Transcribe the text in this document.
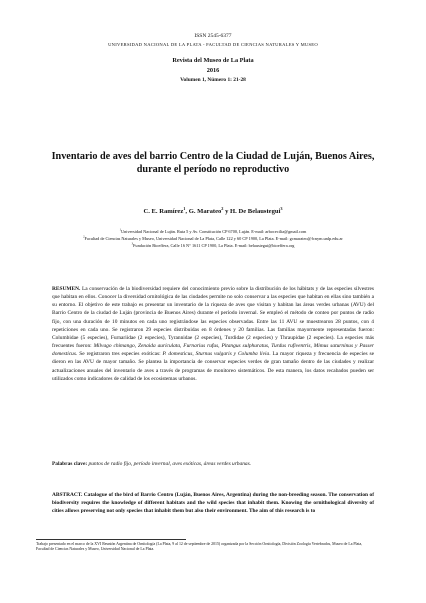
ISSN 2545-6377
UNIVERSIDAD NACIONAL DE LA PLATA - FACULTAD DE CIENCIAS NATURALES Y MUSEO
Revista del Museo de La Plata
2016
Volumen 1, Número 1: 21-28
Inventario de aves del barrio Centro de la Ciudad de Luján, Buenos Aires, durante el período no reproductivo
C. E. Ramírez$^1$, G. Marateo$^2$ y H. De Belaustegui$^3$
$^1$Universidad Nacional de Luján. Ruta 5 y Av. Constitución CP 6700, Luján. E-mail: arbocecilia@gmail.com
$^2$Facultad de Ciencias Naturales y Museo, Universidad Nacional de La Plata, Calle 122 y 60 CP 1900, La Plata. E-mail: gcmarateo@fcnym.unlp.edu.ar
$^3$Fundación Bioeffera, Calle 16 N° 1611 CP 1900, La Plata. E-mail: belaustegui@bioeffera.org
RESUMEN. La conservación de la biodiversidad requiere del conocimiento previo sobre la distribución de los hábitats y de las especies silvestres que habitan en ellos. Conocer la diversidad ornitológica de las ciudades permite no solo conservar a las especies que habitan en ellas sino también a su entorno. El objetivo de este trabajo es presentar un inventario de la riqueza de aves que visitan y habitan las áreas verdes urbanas (AVU) del Barrio Centro de la ciudad de Luján (provincia de Buenos Aires) durante el período invernal. Se empleó el método de conteo por puntos de radio fijo, con una duración de 10 minutos en cada uno registrándose las especies observadas. Entre las 11 AVU se muestrearon 28 puntos, con 4 repeticiones en cada uno. Se registraron 29 especies distribuidas en 8 órdenes y 20 familias. Las familias mayormente representadas fueron: Columbidae (5 especies), Furnariidae (2 especies), Tyrannidae (2 especies), Turdidae (2 especies) y Thraupidae (2 especies). La especies más frecuentes fueron: Milvago chimango, Zenaida auriculata, Furnarius rufus, Pitangus sulphuratus, Turdus rufiventris, Mimus saturninus y Passer domesticus. Se registraron tres especies exóticas: P. domesticus, Sturnus vulgaris y Columba livia. La mayor riqueza y frecuencia de especies se dieron en las AVU de mayor tamaño. Se plantea la importancia de conservar especies verdes de gran tamaño dentro de las ciudades y realizar actualizaciones anuales del inventario de aves a través de programas de monitoreo sistemáticos. De esta manera, los datos recabados pueden ser utilizados como indicadores de calidad de los ecosistemas urbanos.
Palabras clave: puntos de radio fijo, período invernal, aves exóticas, áreas verdes urbanas.
ABSTRACT. Catalogue of the bird of Barrio Centro (Luján, Buenos Aires, Argentina) during the non-breeding season. The conservation of biodiversity requires the knowledge of different habitats and the wild species that inhabit them. Knowing the ornithological diversity of cities allows preserving not only species that inhabit them but also their environment. The aim of this research is to
Trabajo presentado en el marco de la XVI Reunión Argentina de Ornitología (La Plata, 9 al 12 de septiembre de 2015) organizada por la Sección Ornitología, División Zoología Vertebrados, Museo de La Plata, Facultad de Ciencias Naturales y Museo, Universidad Nacional de La Plata.
